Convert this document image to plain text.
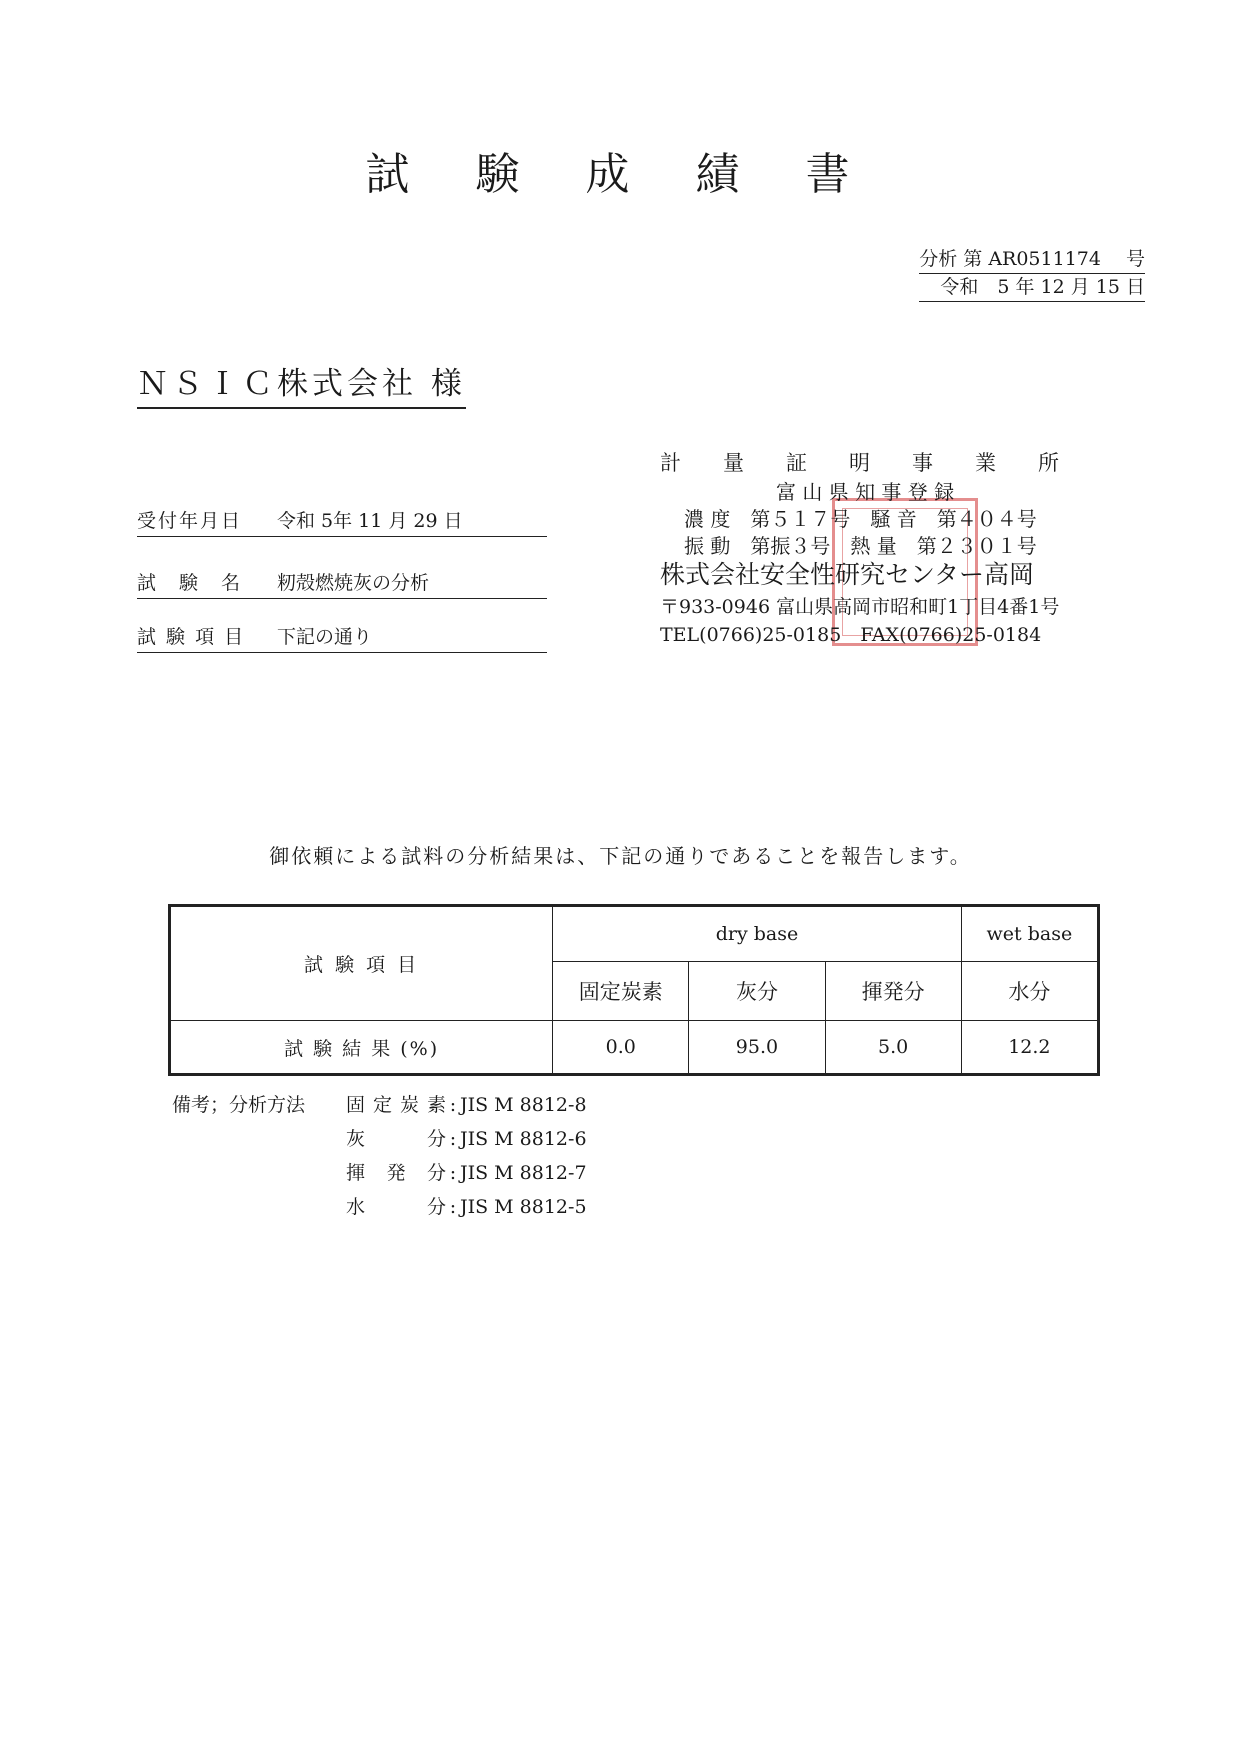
試 験 成 績 書
分析 第 AR0511174　 号
令和　5 年 12 月 15 日
ＮＳＩＣ株式会社 様
受付年月日 令和 5年 11 月 29 日
試　験　名 籾殻燃焼灰の分析
試 験 項 目 下記の通り
計　　量　　証　　明　　事　　業　　所
富 山 県 知 事 登 録
濃 度　第５１７号　騒 音　第４０４号
振 動　第振３号　熱 量　第２３０１号
株式会社安全性研究センター高岡
〒933-0946 富山県高岡市昭和町1丁目4番1号
TEL(0766)25-0185　FAX(0766)25-0184
御依頼による試料の分析結果は、下記の通りであることを報告します。
試 験 項 目	dry base			wet base
	固定炭素	灰分	揮発分	水分
試 験 結 果 (%)	0.0	95.0	5.0	12.2
備考；分析方法	固定炭素 : JIS M 8812-8
灰分 : JIS M 8812-6
揮発分 : JIS M 8812-7
水分 : JIS M 8812-5
